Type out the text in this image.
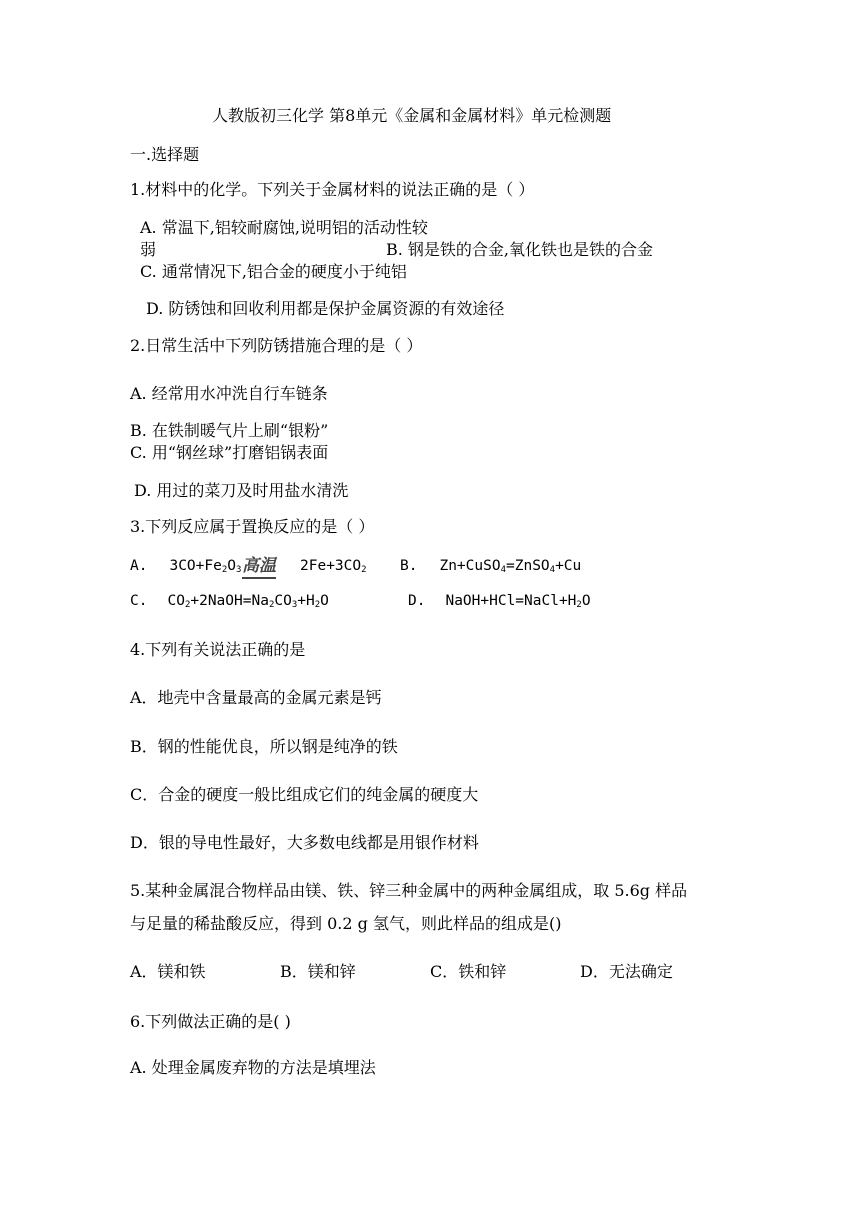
人教版初三化学 第8单元《金属和金属材料》单元检测题
一.选择题
1.材料中的化学。下列关于金属材料的说法正确的是（ ）
A. 常温下,铝较耐腐蚀,说明铝的活动性较
弱	B. 钢是铁的合金,氧化铁也是铁的合金
C. 通常情况下,铝合金的硬度小于纯铝
D. 防锈蚀和回收利用都是保护金属资源的有效途径
2.日常生活中下列防锈措施合理的是（ ）
A. 经常用水冲洗自行车链条
B. 在铁制暖气片上刷“银粉”
C. 用“钢丝球”打磨铝锅表面
D. 用过的菜刀及时用盐水清洗
3.下列反应属于置换反应的是（ ）
A. $3CO+Fe_2O_3$ 高温 $2Fe+3CO_2$ B. Zn+CuSO$_4$=ZnSO$_4$+Cu
C. $CO_2+2NaOH=Na_2CO_3+H_2O$	D. $NaOH+HCl=NaCl+H_2O$
4.下列有关说法正确的是
A．地壳中含量最高的金属元素是钙
B．钢的性能优良，所以钢是纯净的铁
C．合金的硬度一般比组成它们的纯金属的硬度大
D．银的导电性最好，大多数电线都是用银作材料
5.某种金属混合物样品由镁、铁、锌三种金属中的两种金属组成，取 5.6g 样品
与足量的稀盐酸反应，得到 0.2 g 氢气，则此样品的组成是()
A．镁和铁	B．镁和锌	C．铁和锌	D．无法确定
6.下列做法正确的是( )
A. 处理金属废弃物的方法是填埋法
